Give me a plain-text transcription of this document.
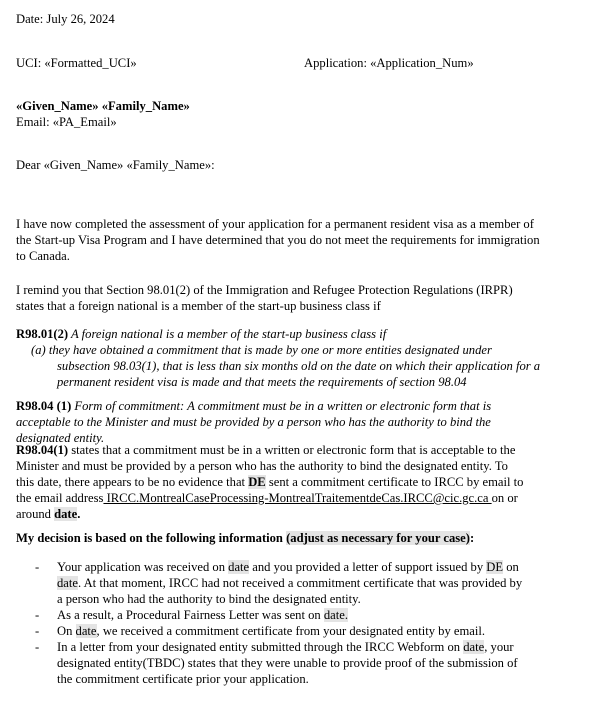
Date: July 26, 2024

UCI: «Formatted_UCI»	Application: «Application_Num»

«Given_Name» «Family_Name»

Email: «PA_Email»

Dear «Given_Name» «Family_Name»:

I have now completed the assessment of your application for a permanent resident visa as a member of the Start-up Visa Program and I have determined that you do not meet the requirements for immigration to Canada.

I remind you that Section 98.01(2) of the Immigration and Refugee Protection Regulations (IRPR) states that a foreign national is a member of the start-up business class if

R98.01(2) A foreign national is a member of the start-up business class if
(a) they have obtained a commitment that is made by one or more entities designated under subsection 98.03(1), that is less than six months old on the date on which their application for a permanent resident visa is made and that meets the requirements of section 98.04
R98.04 (1) Form of commitment: A commitment must be in a written or electronic form that is acceptable to the Minister and must be provided by a person who has the authority to bind the designated entity.
R98.04(1) states that a commitment must be in a written or electronic form that is acceptable to the Minister and must be provided by a person who has the authority to bind the designated entity. To this date, there appears to be no evidence that DE sent a commitment certificate to IRCC by email to the email address IRCC.MontrealCaseProcessing-MontrealTraitementdeCas.IRCC@cic.gc.ca on or around date.

My decision is based on the following information (adjust as necessary for your case):

- Your application was received on date and you provided a letter of support issued by DE on date. At that moment, IRCC had not received a commitment certificate that was provided by a person who had the authority to bind the designated entity.
- As a result, a Procedural Fairness Letter was sent on date.
- On date, we received a commitment certificate from your designated entity by email.
- In a letter from your designated entity submitted through the IRCC Webform on date, your designated entity(TBDC) states that they were unable to provide proof of the submission of the commitment certificate prior your application.
